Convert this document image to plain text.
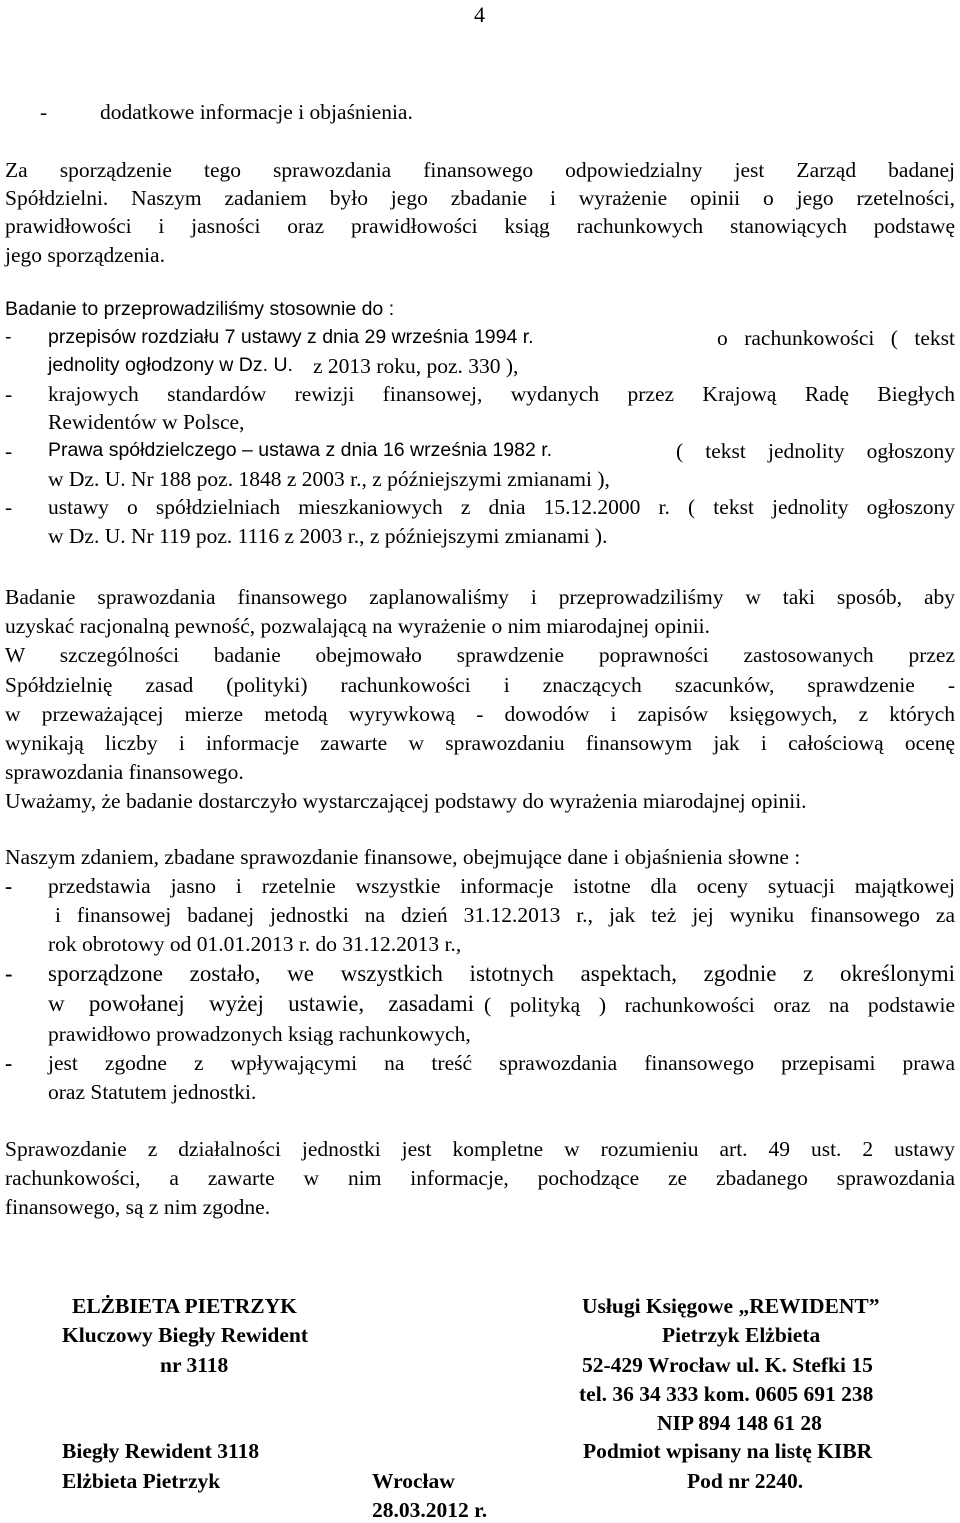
4
- dodatkowe informacje i objaśnienia.
Za sporządzenie tego sprawozdania finansowego odpowiedzialny jest Zarząd badanej
Spółdzielni. Naszym zadaniem było jego zbadanie i wyrażenie opinii o jego rzetelności,
prawidłowości i jasności oraz prawidłowości ksiąg rachunkowych stanowiących podstawę
jego sporządzenia.
Badanie to przeprowadziliśmy stosownie do :
- przepisów rozdziału 7 ustawy z dnia 29 września 1994 r.	o rachunkowości ( tekst
jednolity ogłodzony w Dz. U. z 2013 roku, poz. 330 ),
- krajowych standardów rewizji finansowej, wydanych przez Krajową Radę Biegłych
Rewidentów w Polsce,
- Prawa spółdzielczego – ustawa z dnia 16 września 1982 r.	( tekst jednolity ogłoszony
w Dz. U. Nr 188 poz. 1848 z 2003 r., z późniejszymi zmianami ),
- ustawy o spółdzielniach mieszkaniowych z dnia 15.12.2000 r. ( tekst jednolity ogłoszony
w Dz. U. Nr 119 poz. 1116 z 2003 r., z późniejszymi zmianami ).
Badanie sprawozdania finansowego zaplanowaliśmy i przeprowadziliśmy w taki sposób, aby
uzyskać racjonalną pewność, pozwalającą na wyrażenie o nim miarodajnej opinii.
W szczególności badanie obejmowało sprawdzenie poprawności zastosowanych przez
Spółdzielnię zasad (polityki) rachunkowości i znaczących szacunków, sprawdzenie -
w przeważającej mierze metodą wyrywkową - dowodów i zapisów księgowych, z których
wynikają liczby i informacje zawarte w sprawozdaniu finansowym jak i całościową ocenę
sprawozdania finansowego.
Uważamy, że badanie dostarczyło wystarczającej podstawy do wyrażenia miarodajnej opinii.
Naszym zdaniem, zbadane sprawozdanie finansowe, obejmujące dane i objaśnienia słowne :
- przedstawia jasno i rzetelnie wszystkie informacje istotne dla oceny sytuacji majątkowej
i finansowej badanej jednostki na dzień 31.12.2013 r., jak też jej wyniku finansowego za
rok obrotowy od 01.01.2013 r. do 31.12.2013 r.,
- sporządzone zostało, we wszystkich istotnych aspektach, zgodnie z określonymi
w powołanej wyżej ustawie, zasadami ( polityką ) rachunkowości oraz na podstawie
prawidłowo prowadzonych ksiąg rachunkowych,
- jest zgodne z wpływającymi na treść sprawozdania finansowego przepisami prawa
oraz Statutem jednostki.
Sprawozdanie z działalności jednostki jest kompletne w rozumieniu art. 49 ust. 2 ustawy
rachunkowości, a zawarte w nim informacje, pochodzące ze zbadanego sprawozdania
finansowego, są z nim zgodne.
ELŻBIETA PIETRZYK
Kluczowy Biegły Rewident
nr 3118
Biegły Rewident 3118
Elżbieta Pietrzyk	Wrocław
28.03.2012 r.
Usługi Księgowe „REWIDENT”
Pietrzyk Elżbieta
52-429 Wrocław ul. K. Stefki 15
tel. 36 34 333 kom. 0605 691 238
NIP 894 148 61 28
Podmiot wpisany na listę KIBR
Pod nr 2240.
